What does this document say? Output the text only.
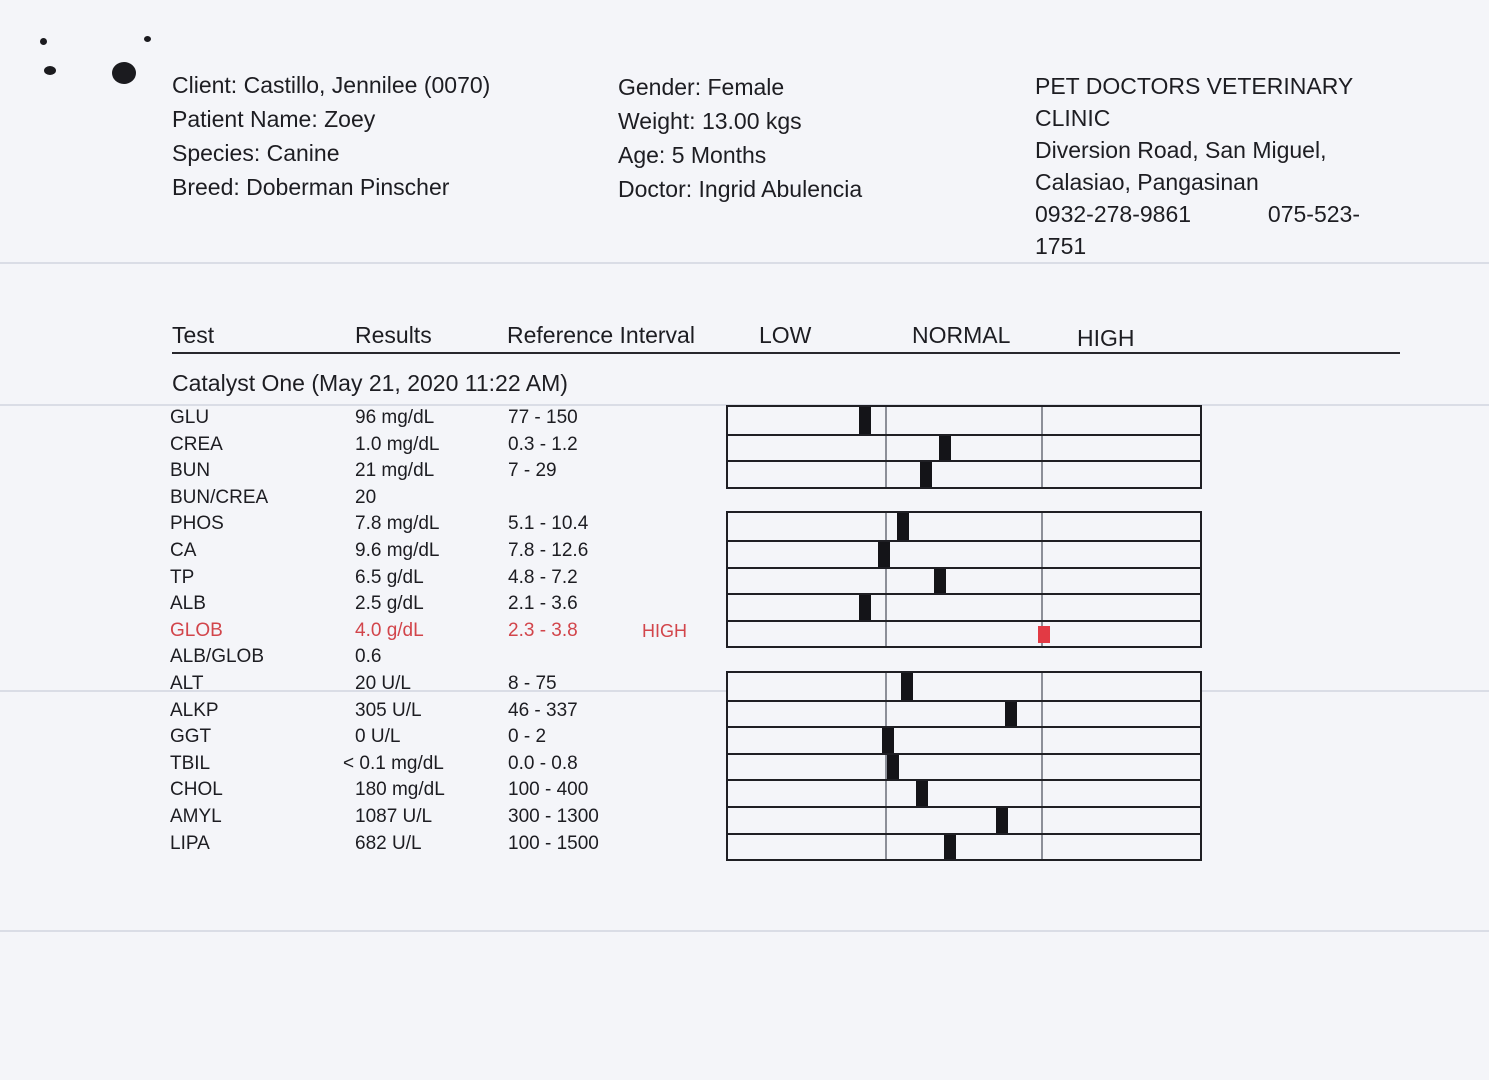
Client: Castillo, Jennilee (0070)
Patient Name: Zoey
Species: Canine
Breed: Doberman Pinscher
Gender: Female
Weight: 13.00 kgs
Age: 5 Months
Doctor: Ingrid Abulencia
PET DOCTORS VETERINARY
CLINIC
Diversion Road, San Miguel,
Calasiao, Pangasinan
0932-278-9861	075-523-
1751
Test	Results	Reference Interval	LOW	NORMAL	HIGH
Catalyst One (May 21, 2020 11:22 AM)
GLU	96 mg/dL	77 - 150
CREA	1.0 mg/dL	0.3 - 1.2
BUN	21 mg/dL	7 - 29
BUN/CREA	20
PHOS	7.8 mg/dL	5.1 - 10.4
CA	9.6 mg/dL	7.8 - 12.6
TP	6.5 g/dL	4.8 - 7.2
ALB	2.5 g/dL	2.1 - 3.6
GLOB	4.0 g/dL	2.3 - 3.8	HIGH
ALB/GLOB	0.6
ALT	20 U/L	8 - 75
ALKP	305 U/L	46 - 337
GGT	0 U/L	0 - 2
TBIL	< 0.1 mg/dL	0.0 - 0.8
CHOL	180 mg/dL	100 - 400
AMYL	1087 U/L	300 - 1300
LIPA	682 U/L	100 - 1500
